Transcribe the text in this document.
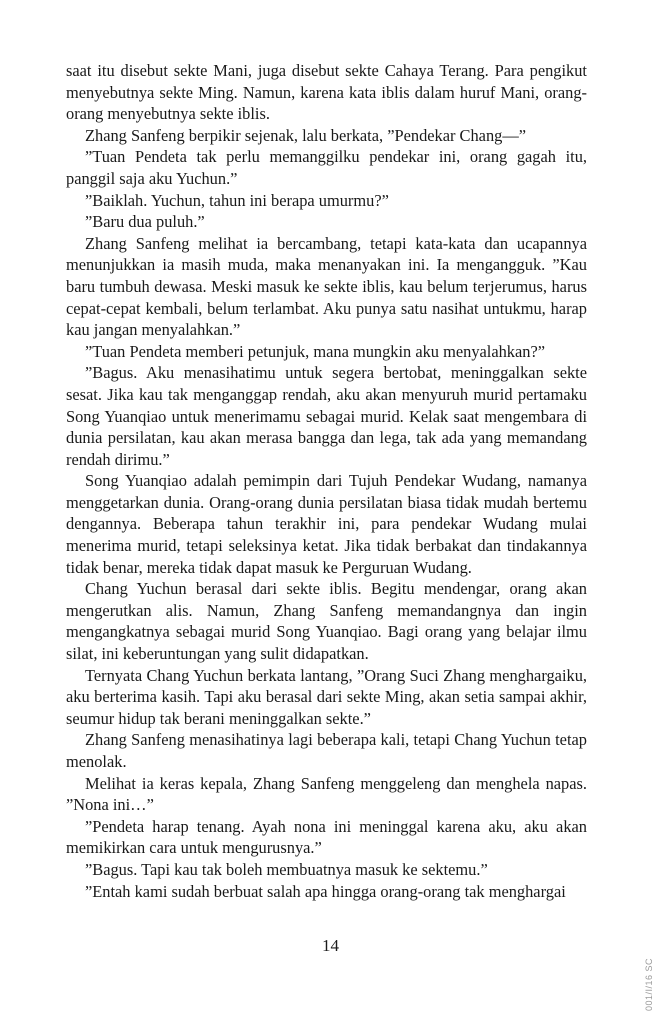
saat itu disebut sekte Mani, juga disebut sekte Cahaya Terang. Para pengikut menyebutnya sekte Ming. Namun, karena kata iblis dalam huruf Mani, orang-orang menyebutnya sekte iblis.

Zhang Sanfeng berpikir sejenak, lalu berkata, ”Pendekar Chang—”

”Tuan Pendeta tak perlu memanggilku pendekar ini, orang gagah itu, panggil saja aku Yuchun.”

”Baiklah. Yuchun, tahun ini berapa umurmu?”

”Baru dua puluh.”

Zhang Sanfeng melihat ia bercambang, tetapi kata-kata dan ucapannya menunjukkan ia masih muda, maka menanyakan ini. Ia mengangguk. ”Kau baru tumbuh dewasa. Meski masuk ke sekte iblis, kau belum terjerumus, harus cepat-cepat kembali, belum terlambat. Aku punya satu nasihat untukmu, harap kau jangan menyalahkan.”

”Tuan Pendeta memberi petunjuk, mana mungkin aku menyalahkan?”

”Bagus. Aku menasihatimu untuk segera bertobat, meninggalkan sekte sesat. Jika kau tak menganggap rendah, aku akan menyuruh murid pertamaku Song Yuanqiao untuk menerimamu sebagai murid. Kelak saat mengembara di dunia persilatan, kau akan merasa bangga dan lega, tak ada yang memandang rendah dirimu.”

Song Yuanqiao adalah pemimpin dari Tujuh Pendekar Wudang, namanya menggetarkan dunia. Orang-orang dunia persilatan biasa tidak mudah bertemu dengannya. Beberapa tahun terakhir ini, para pendekar Wudang mulai menerima murid, tetapi seleksinya ketat. Jika tidak berbakat dan tindakannya tidak benar, mereka tidak dapat masuk ke Perguruan Wudang.

Chang Yuchun berasal dari sekte iblis. Begitu mendengar, orang akan mengerutkan alis. Namun, Zhang Sanfeng memandangnya dan ingin mengangkatnya sebagai murid Song Yuanqiao. Bagi orang yang belajar ilmu silat, ini keberuntungan yang sulit didapatkan.

Ternyata Chang Yuchun berkata lantang, ”Orang Suci Zhang menghargaiku, aku berterima kasih. Tapi aku berasal dari sekte Ming, akan setia sampai akhir, seumur hidup tak berani meninggalkan sekte.”

Zhang Sanfeng menasihatinya lagi beberapa kali, tetapi Chang Yuchun tetap menolak.

Melihat ia keras kepala, Zhang Sanfeng menggeleng dan menghela napas. ”Nona ini…”

”Pendeta harap tenang. Ayah nona ini meninggal karena aku, aku akan memikirkan cara untuk mengurusnya.”

”Bagus. Tapi kau tak boleh membuatnya masuk ke sektemu.”

”Entah kami sudah berbuat salah apa hingga orang-orang tak menghargai

14
001/I/16 SC
